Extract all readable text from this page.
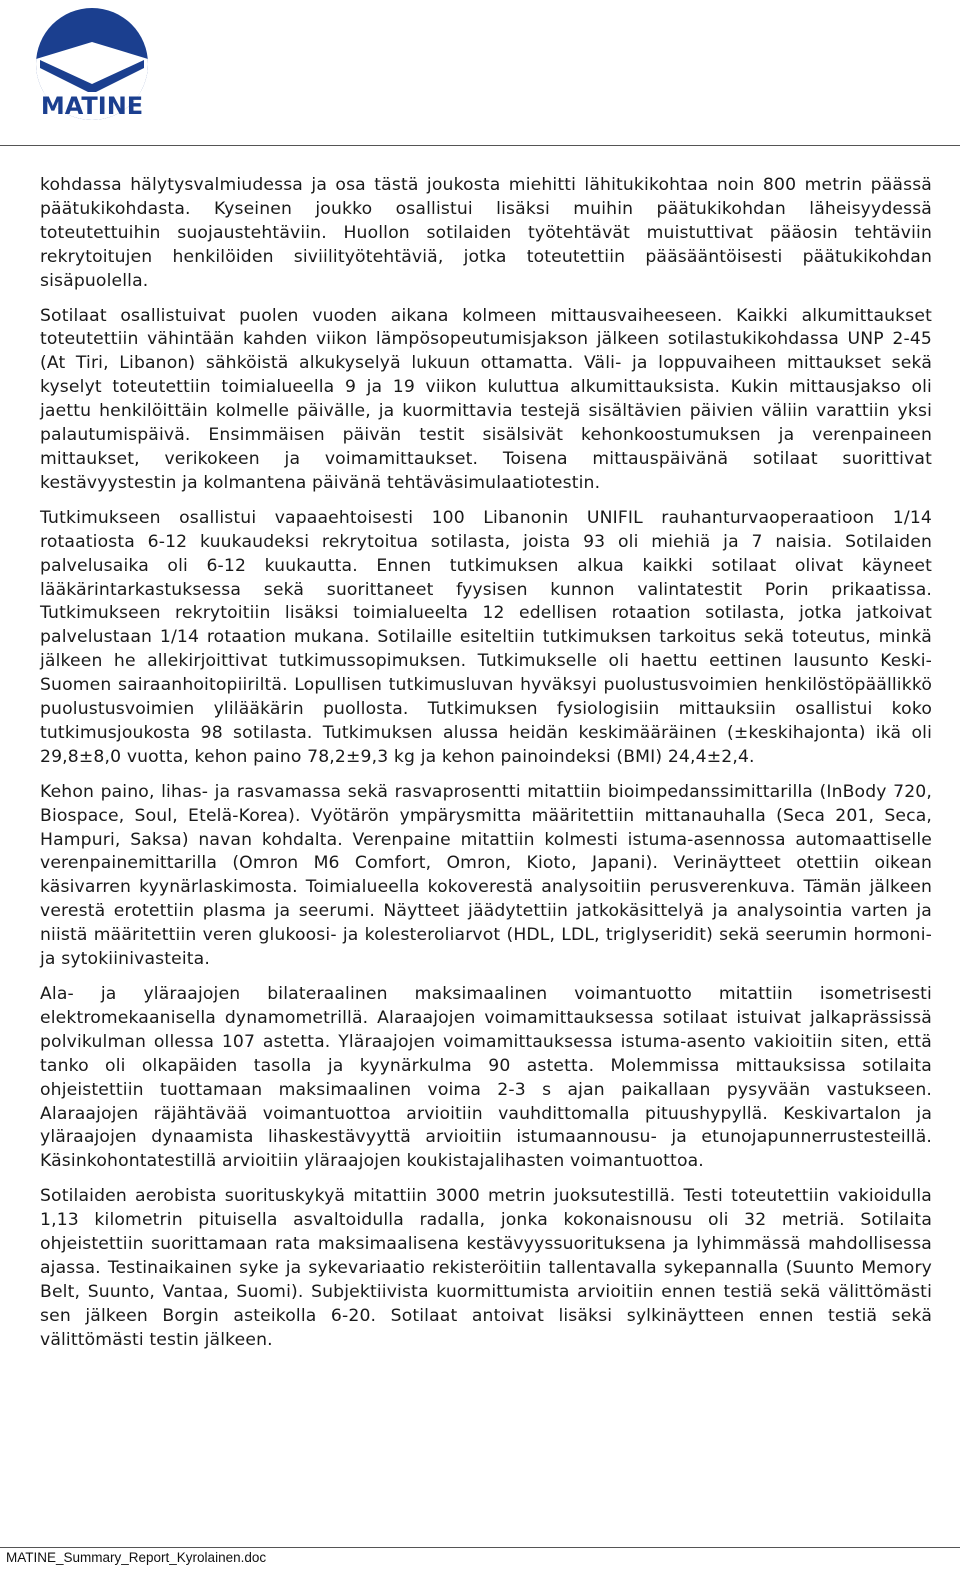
MATINE

kohdassa hälytysvalmiudessa ja osa tästä joukosta miehitti lähitukikohtaa noin 800 metrin päässä päätukikohdasta. Kyseinen joukko osallistui lisäksi muihin päätukikohdan läheisyydessä toteutettuihin suojaustehtäviin. Huollon sotilaiden työtehtävät muistuttivat pääosin tehtäviin rekrytoitujen henkilöiden siviilityötehtäviä, jotka toteutettiin pääsääntöisesti päätukikohdan sisäpuolella.

Sotilaat osallistuivat puolen vuoden aikana kolmeen mittausvaiheeseen. Kaikki alkumittaukset toteutettiin vähintään kahden viikon lämpösopeutumisjakson jälkeen sotilastukikohdassa UNP 2-45 (At Tiri, Libanon) sähköistä alkukyselyä lukuun ottamatta. Väli- ja loppuvaiheen mittaukset sekä kyselyt toteutettiin toimialueella 9 ja 19 viikon kuluttua alkumittauksista. Kukin mittausjakso oli jaettu henkilöittäin kolmelle päivälle, ja kuormittavia testejä sisältävien päivien väliin varattiin yksi palautumispäivä. Ensimmäisen päivän testit sisälsivät kehonkoostumuksen ja verenpaineen mittaukset, verikokeen ja voimamittaukset. Toisena mittauspäivänä sotilaat suorittivat kestävyystestin ja kolmantena päivänä tehtäväsimulaatiotestin.

Tutkimukseen osallistui vapaaehtoisesti 100 Libanonin UNIFIL rauhanturvaoperaatioon 1/14 rotaatiosta 6-12 kuukaudeksi rekrytoitua sotilasta, joista 93 oli miehiä ja 7 naisia. Sotilaiden palvelusaika oli 6-12 kuukautta. Ennen tutkimuksen alkua kaikki sotilaat olivat käyneet lääkärintarkastuksessa sekä suorittaneet fyysisen kunnon valintatestit Porin prikaatissa. Tutkimukseen rekrytoitiin lisäksi toimialueelta 12 edellisen rotaation sotilasta, jotka jatkoivat palvelustaan 1/14 rotaation mukana. Sotilaille esiteltiin tutkimuksen tarkoitus sekä toteutus, minkä jälkeen he allekirjoittivat tutkimussopimuksen. Tutkimukselle oli haettu eettinen lausunto Keski-Suomen sairaanhoitopiiriltä. Lopullisen tutkimusluvan hyväksyi puolustusvoimien henkilöstöpäällikkö puolustusvoimien ylilääkärin puollosta. Tutkimuksen fysiologisiin mittauksiin osallistui koko tutkimusjoukosta 98 sotilasta. Tutkimuksen alussa heidän keskimääräinen (±keskihajonta) ikä oli 29,8±8,0 vuotta, kehon paino 78,2±9,3 kg ja kehon painoindeksi (BMI) 24,4±2,4.

Kehon paino, lihas- ja rasvamassa sekä rasvaprosentti mitattiin bioimpedanssimittarilla (InBody 720, Biospace, Soul, Etelä-Korea). Vyötärön ympärysmitta määritettiin mittanauhalla (Seca 201, Seca, Hampuri, Saksa) navan kohdalta. Verenpaine mitattiin kolmesti istuma-asennossa automaattiselle verenpainemittarilla (Omron M6 Comfort, Omron, Kioto, Japani). Verinäytteet otettiin oikean käsivarren kyynärlaskimosta. Toimialueella kokoverestä analysoitiin perusverenkuva. Tämän jälkeen verestä erotettiin plasma ja seerumi. Näytteet jäädytettiin jatkokäsittelyä ja analysointia varten ja niistä määritettiin veren glukoosi- ja kolesteroliarvot (HDL, LDL, triglyseridit) sekä seerumin hormoni- ja sytokiinivasteita.

Ala- ja yläraajojen bilateraalinen maksimaalinen voimantuotto mitattiin isometrisesti elektromekaanisella dynamometrillä. Alaraajojen voimamittauksessa sotilaat istuivat jalkaprässissä polvikulman ollessa 107 astetta. Yläraajojen voimamittauksessa istuma-asento vakioitiin siten, että tanko oli olkapäiden tasolla ja kyynärkulma 90 astetta. Molemmissa mittauksissa sotilaita ohjeistettiin tuottamaan maksimaalinen voima 2-3 s ajan paikallaan pysyvään vastukseen. Alaraajojen räjähtävää voimantuottoa arvioitiin vauhdittomalla pituushypyllä. Keskivartalon ja yläraajojen dynaamista lihaskestävyyttä arvioitiin istumaannousu- ja etunojapunnerrustesteillä. Käsinkohontatestillä arvioitiin yläraajojen koukistajalihasten voimantuottoa.

Sotilaiden aerobista suorituskykyä mitattiin 3000 metrin juoksutestillä. Testi toteutettiin vakioidulla 1,13 kilometrin pituisella asvaltoidulla radalla, jonka kokonaisnousu oli 32 metriä. Sotilaita ohjeistettiin suorittamaan rata maksimaalisena kestävyyssuorituksena ja lyhimmässä mahdollisessa ajassa. Testinaikainen syke ja sykevariaatio rekisteröitiin tallentavalla sykepannalla (Suunto Memory Belt, Suunto, Vantaa, Suomi). Subjektiivista kuormittumista arvioitiin ennen testiä sekä välittömästi sen jälkeen Borgin asteikolla 6-20. Sotilaat antoivat lisäksi sylkinäytteen ennen testiä sekä välittömästi testin jälkeen.

MATINE_Summary_Report_Kyrolainen.doc
